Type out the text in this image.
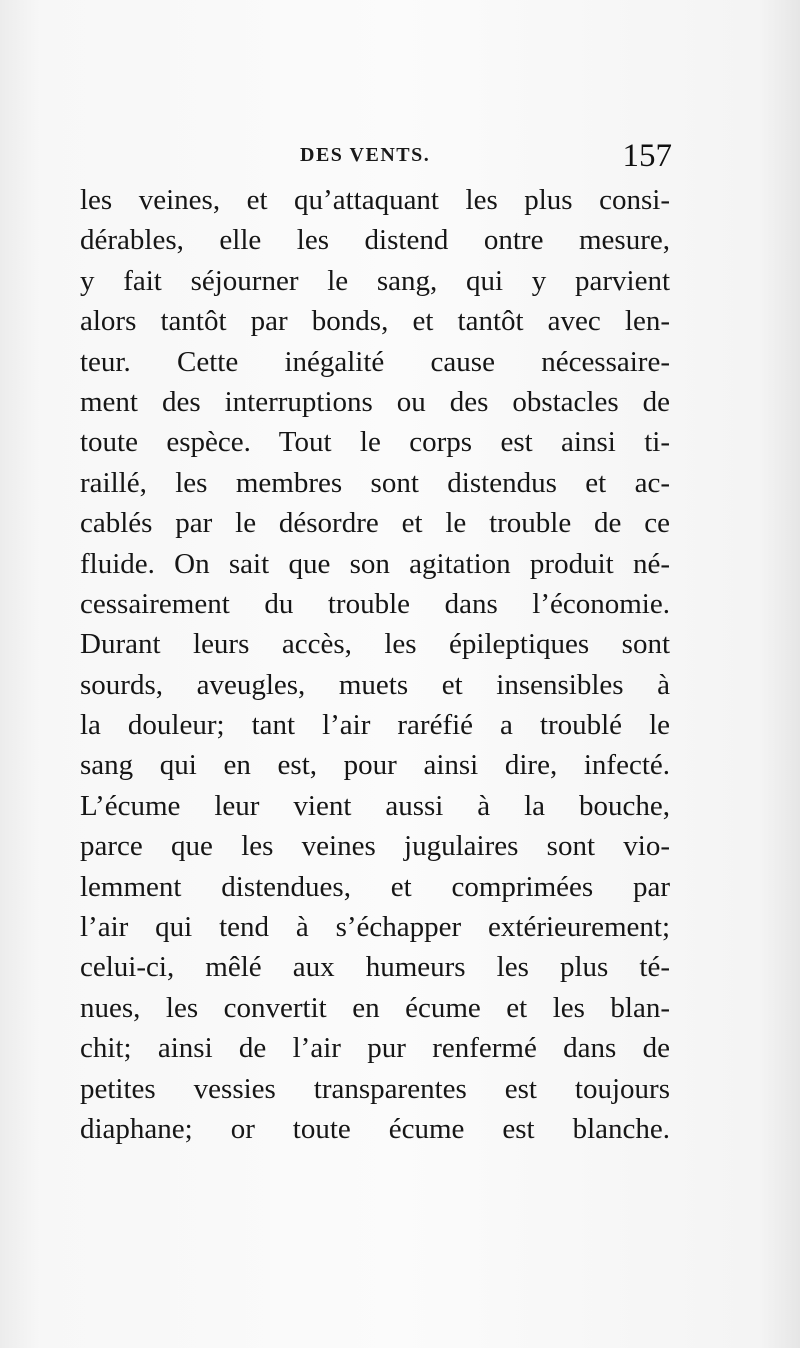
DES VENTS.	157
les veines, et qu’attaquant les plus consi-
dérables, elle les distend ontre mesure,
y fait séjourner le sang, qui y parvient
alors tantôt par bonds, et tantôt avec len-
teur. Cette inégalité cause nécessaire-
ment des interruptions ou des obstacles de
toute espèce. Tout le corps est ainsi ti-
raillé, les membres sont distendus et ac-
cablés par le désordre et le trouble de ce
fluide. On sait que son agitation produit né-
cessairement du trouble dans l’économie.
Durant leurs accès, les épileptiques sont
sourds, aveugles, muets et insensibles à
la douleur; tant l’air raréfié a troublé le
sang qui en est, pour ainsi dire, infecté.
L’écume leur vient aussi à la bouche,
parce que les veines jugulaires sont vio-
lemment distendues, et comprimées par
l’air qui tend à s’échapper extérieurement;
celui-ci, mêlé aux humeurs les plus té-
nues, les convertit en écume et les blan-
chit; ainsi de l’air pur renfermé dans de
petites vessies transparentes est toujours
diaphane; or toute écume est blanche.
